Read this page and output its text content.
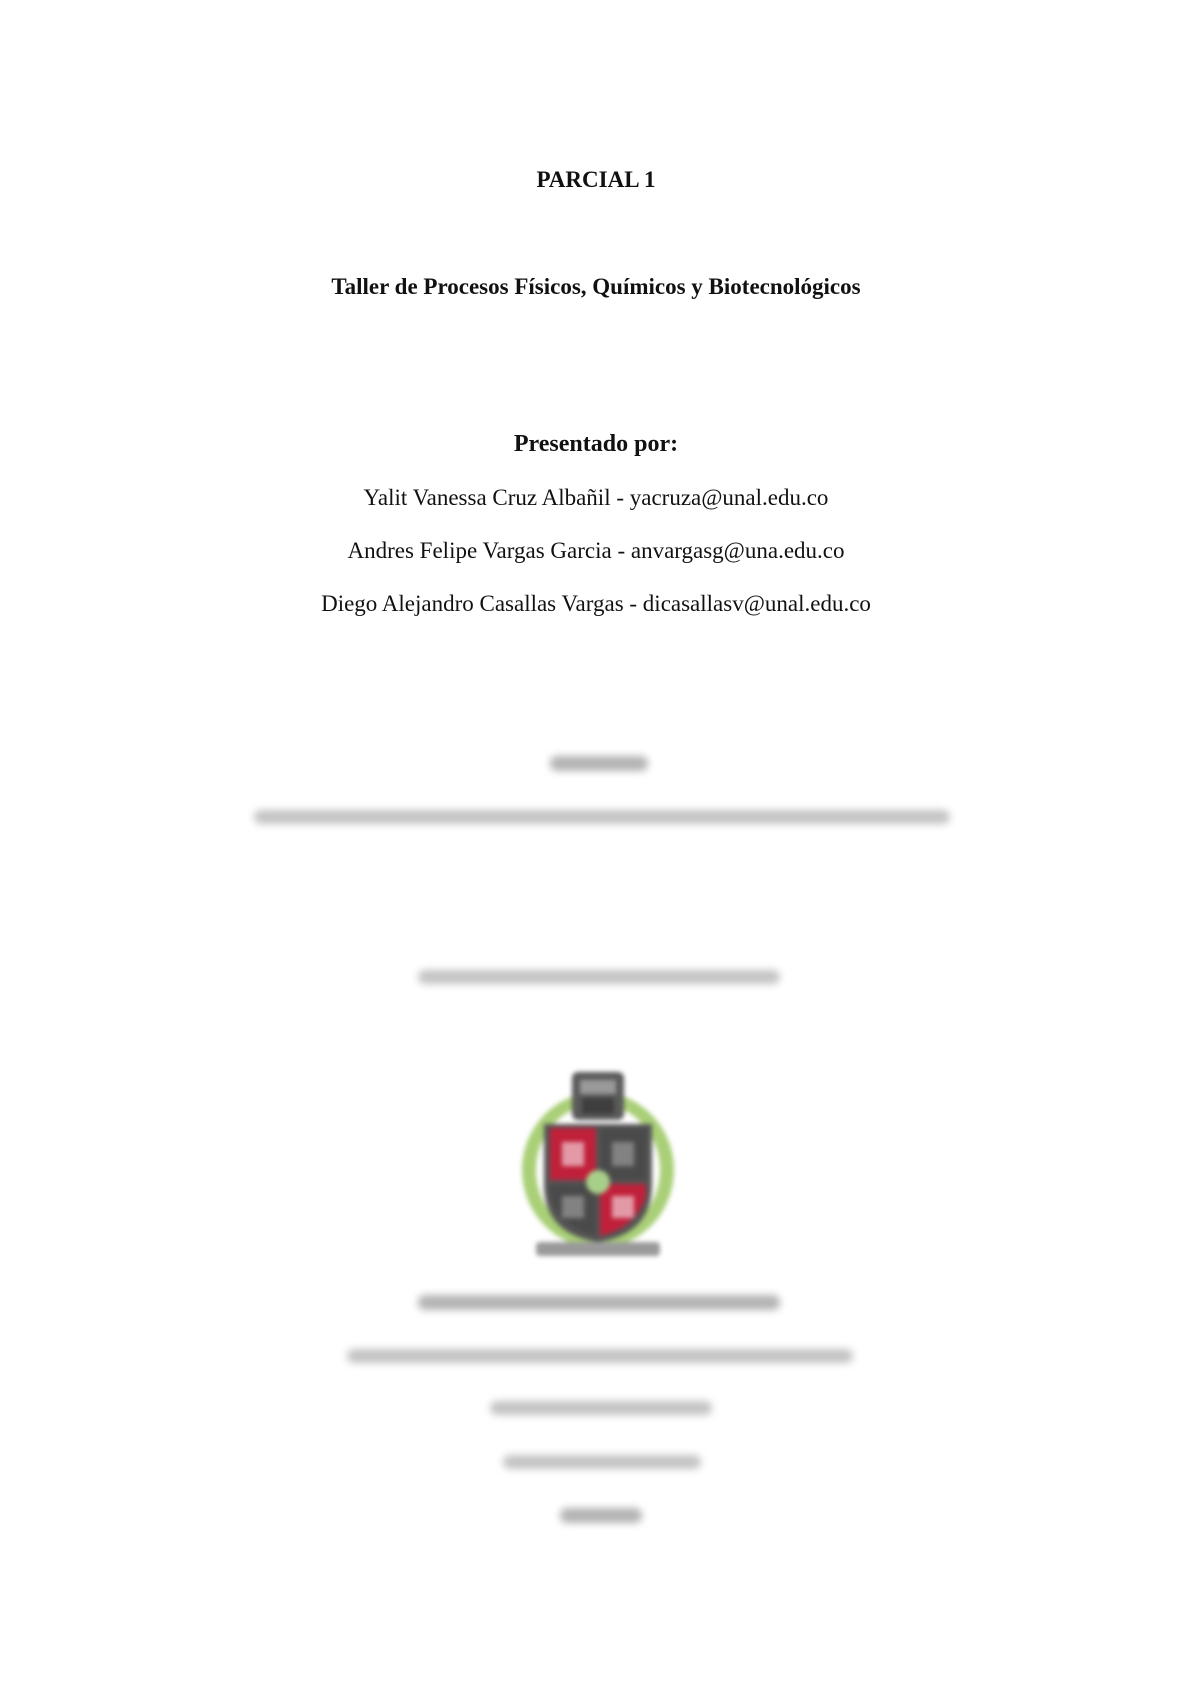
PARCIAL 1
Taller de Procesos Físicos, Químicos y Biotecnológicos
Presentado por:
Yalit Vanessa Cruz Albañil - yacruza@unal.edu.co
Andres Felipe Vargas Garcia - anvargasg@una.edu.co
Diego Alejandro Casallas Vargas - dicasallasv@unal.edu.co
